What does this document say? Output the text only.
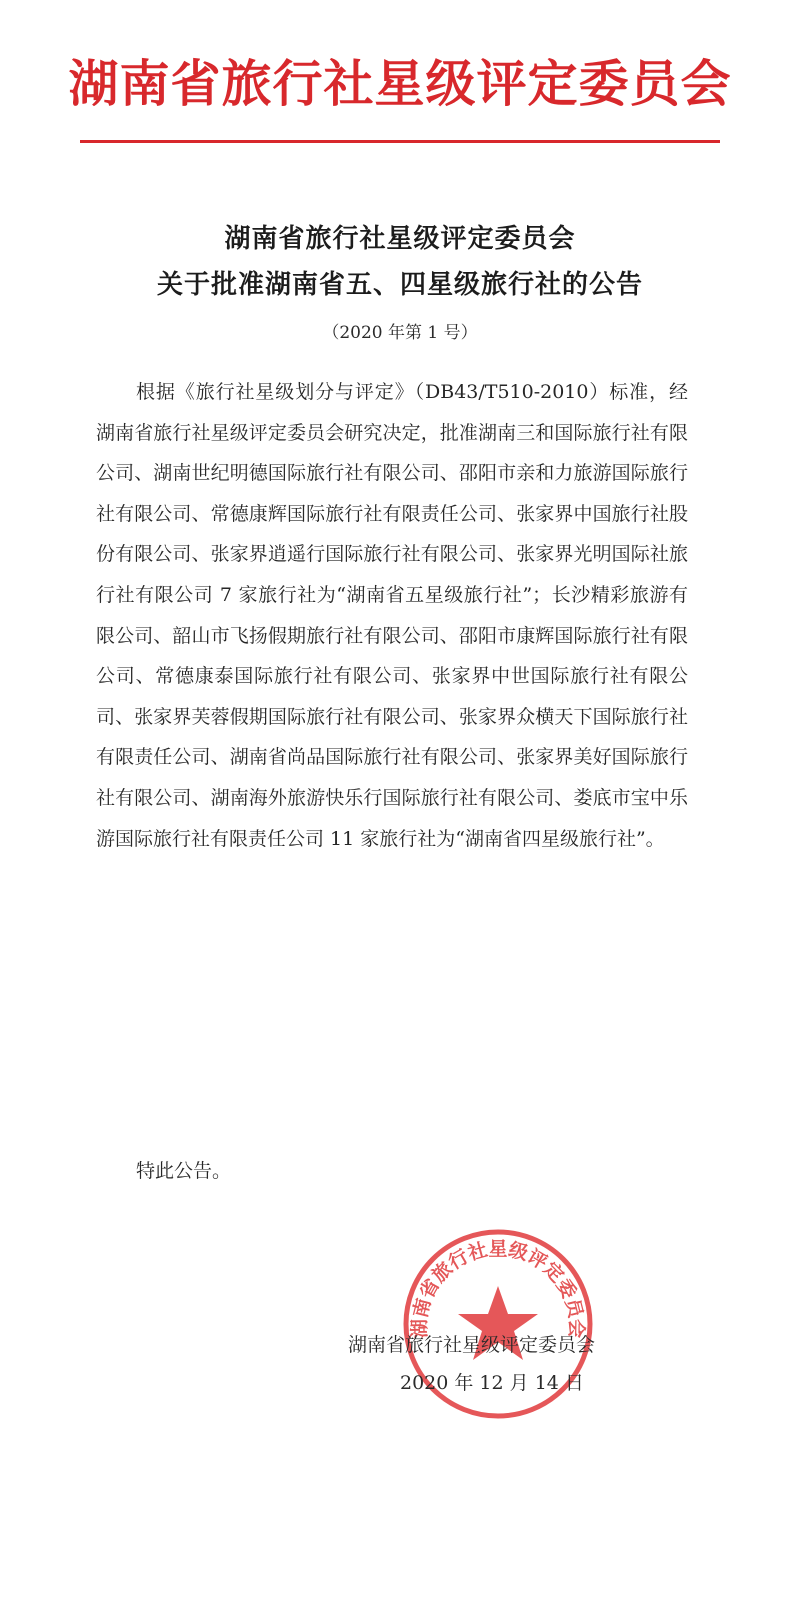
湖南省旅行社星级评定委员会
湖南省旅行社星级评定委员会
关于批准湖南省五、四星级旅行社的公告
（2020 年第 1 号）

根据《旅行社星级划分与评定》（DB43/T510-2010）标准，经湖南省旅行社星级评定委员会研究决定，批准湖南三和国际旅行社有限公司、湖南世纪明德国际旅行社有限公司、邵阳市亲和力旅游国际旅行社有限公司、常德康辉国际旅行社有限责任公司、张家界中国旅行社股份有限公司、张家界逍遥行国际旅行社有限公司、张家界光明国际社旅行社有限公司 7 家旅行社为“湖南省五星级旅行社”；长沙精彩旅游有限公司、韶山市飞扬假期旅行社有限公司、邵阳市康辉国际旅行社有限公司、常德康泰国际旅行社有限公司、张家界中世国际旅行社有限公司、张家界芙蓉假期国际旅行社有限公司、张家界众横天下国际旅行社有限责任公司、湖南省尚品国际旅行社有限公司、张家界美好国际旅行社有限公司、湖南海外旅游快乐行国际旅行社有限公司、娄底市宝中乐游国际旅行社有限责任公司 11 家旅行社为“湖南省四星级旅行社”。

特此公告。
湖南省旅行社星级评定委员会
湖南省旅行社星级评定委员会
2020 年 12 月 14 日
